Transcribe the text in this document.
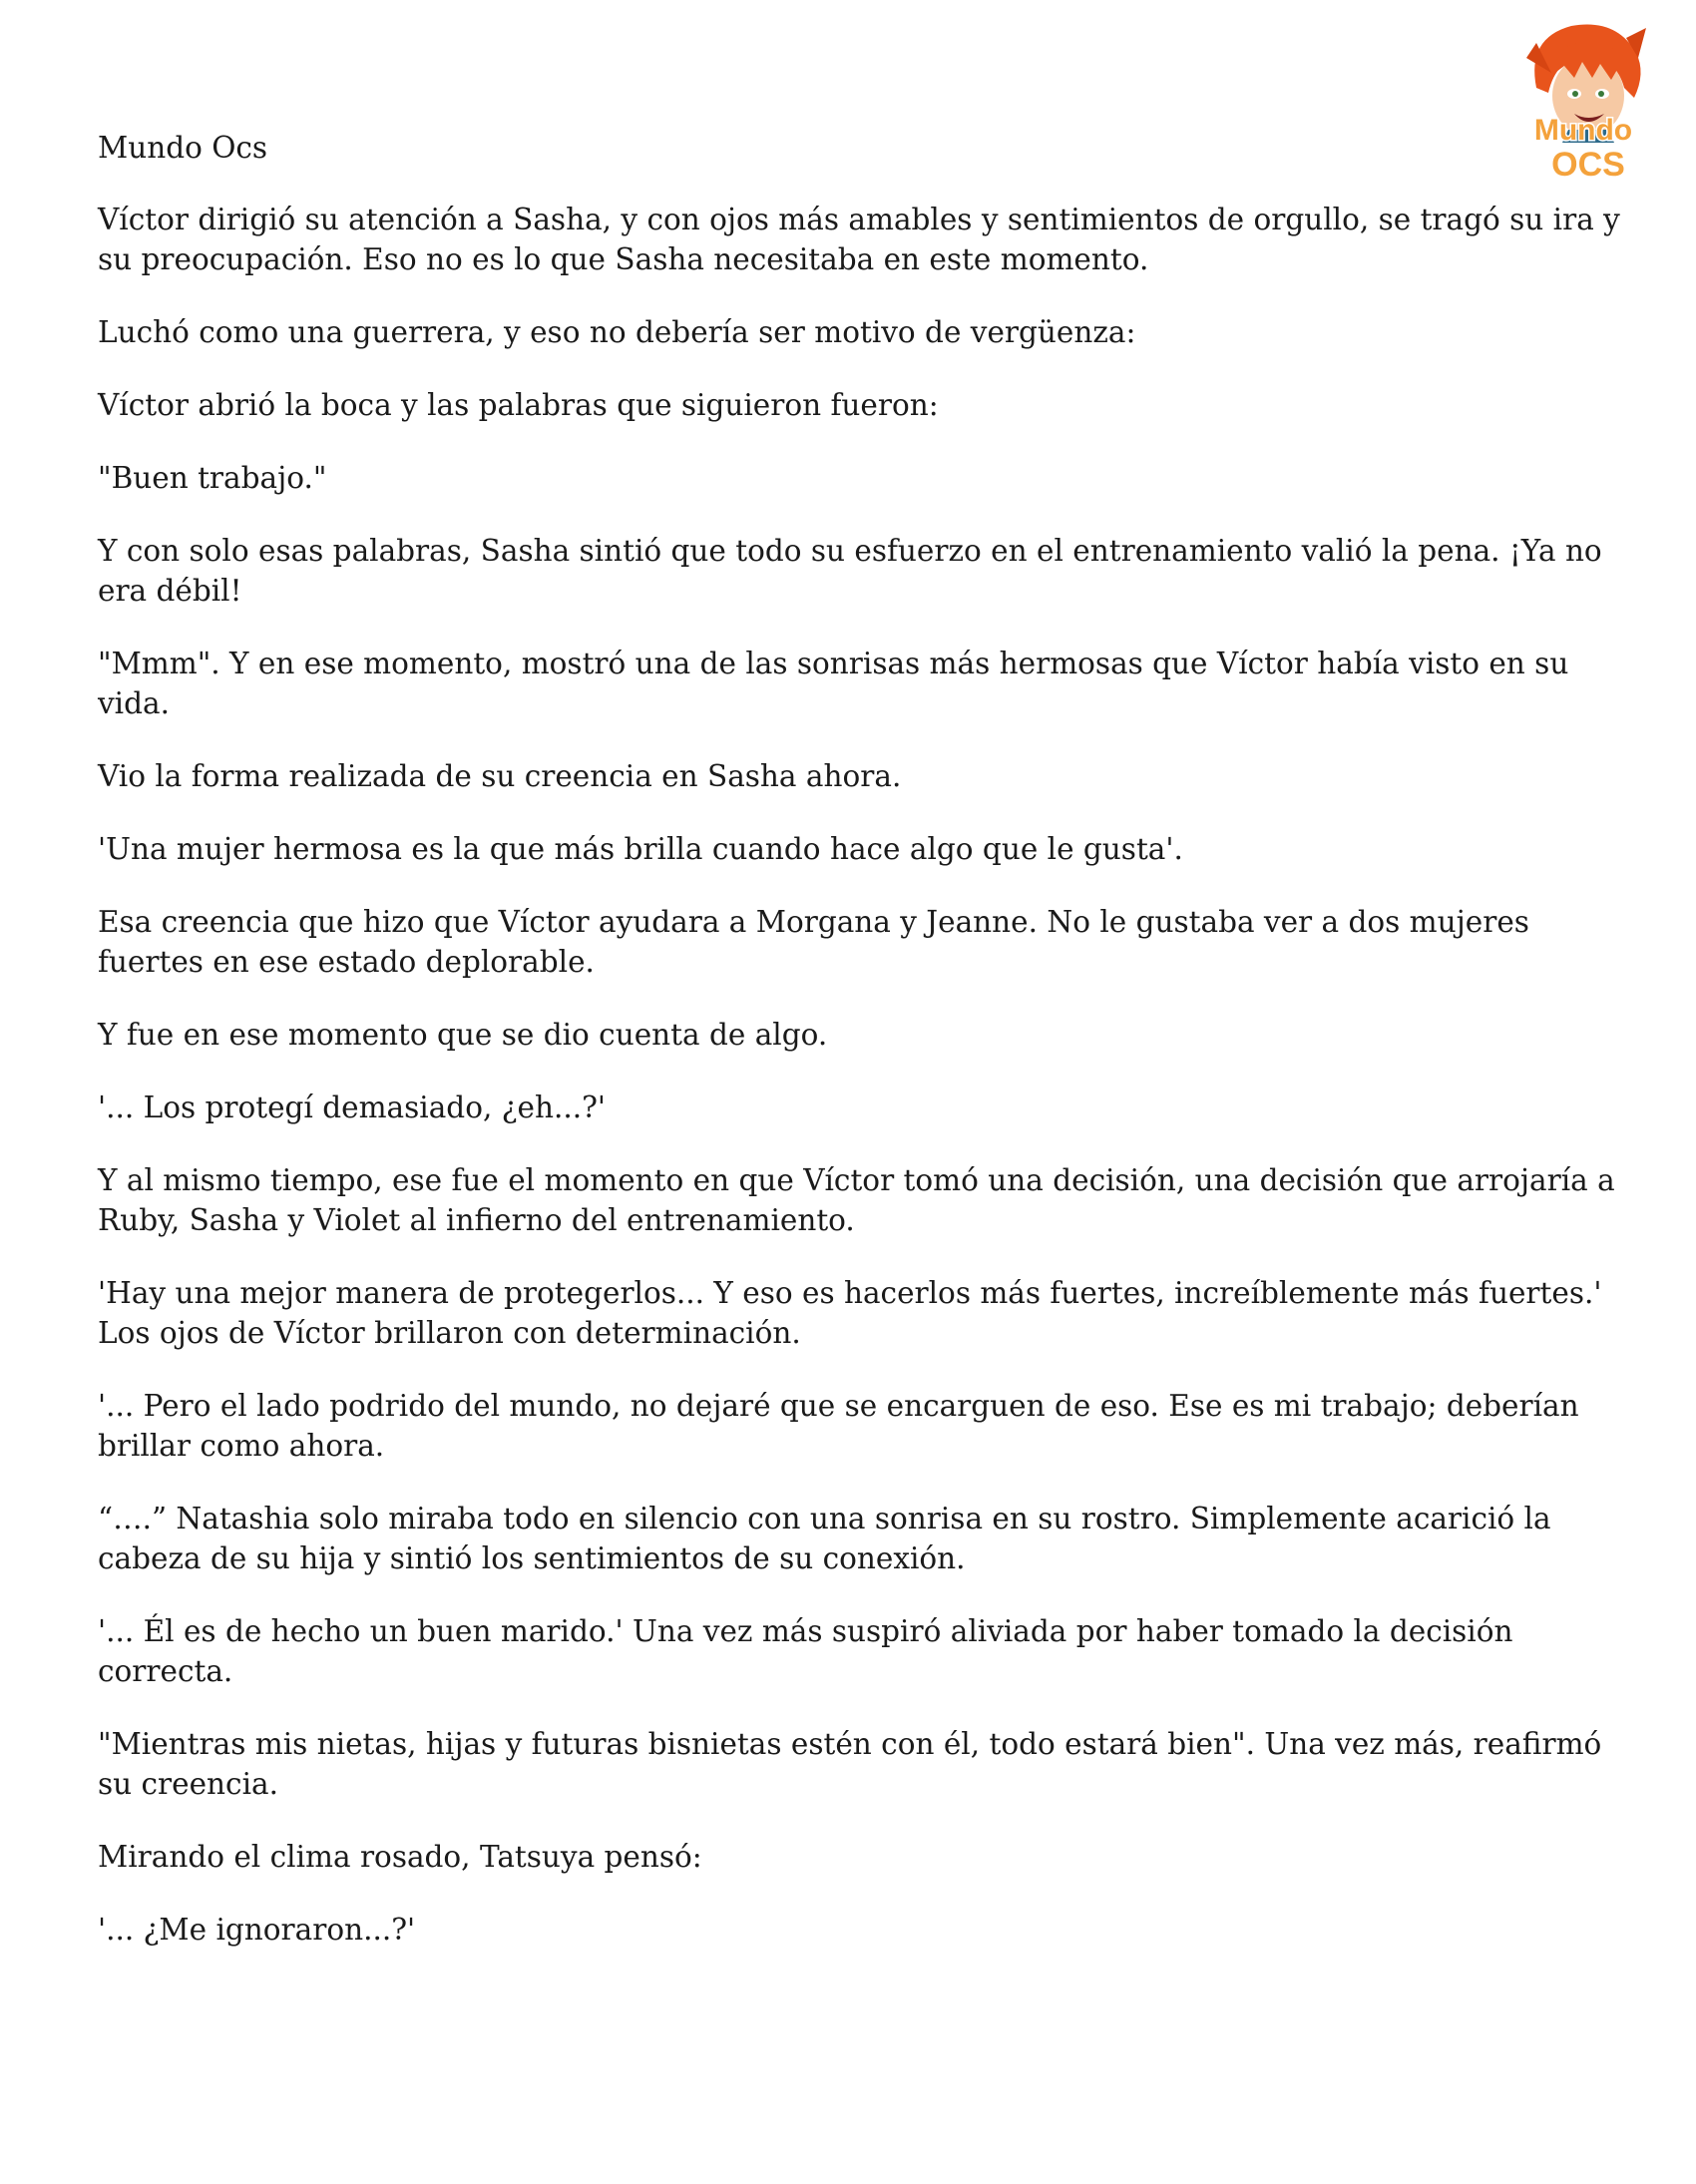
Mundo
OCS

Mundo Ocs

Víctor dirigió su atención a Sasha, y con ojos más amables y sentimientos de orgullo, se tragó su ira y su preocupación. Eso no es lo que Sasha necesitaba en este momento.

Luchó como una guerrera, y eso no debería ser motivo de vergüenza:

Víctor abrió la boca y las palabras que siguieron fueron:

"Buen trabajo."

Y con solo esas palabras, Sasha sintió que todo su esfuerzo en el entrenamiento valió la pena. ¡Ya no era débil!

"Mmm". Y en ese momento, mostró una de las sonrisas más hermosas que Víctor había visto en su vida.

Vio la forma realizada de su creencia en Sasha ahora.

'Una mujer hermosa es la que más brilla cuando hace algo que le gusta'.

Esa creencia que hizo que Víctor ayudara a Morgana y Jeanne. No le gustaba ver a dos mujeres fuertes en ese estado deplorable.

Y fue en ese momento que se dio cuenta de algo.

'... Los protegí demasiado, ¿eh...?'

Y al mismo tiempo, ese fue el momento en que Víctor tomó una decisión, una decisión que arrojaría a Ruby, Sasha y Violet al infierno del entrenamiento.

'Hay una mejor manera de protegerlos... Y eso es hacerlos más fuertes, increíblemente más fuertes.' Los ojos de Víctor brillaron con determinación.

'... Pero el lado podrido del mundo, no dejaré que se encarguen de eso. Ese es mi trabajo; deberían brillar como ahora.

“….” Natashia solo miraba todo en silencio con una sonrisa en su rostro. Simplemente acarició la cabeza de su hija y sintió los sentimientos de su conexión.

'... Él es de hecho un buen marido.' Una vez más suspiró aliviada por haber tomado la decisión correcta.

"Mientras mis nietas, hijas y futuras bisnietas estén con él, todo estará bien". Una vez más, reafirmó su creencia.

Mirando el clima rosado, Tatsuya pensó:

'... ¿Me ignoraron...?'
